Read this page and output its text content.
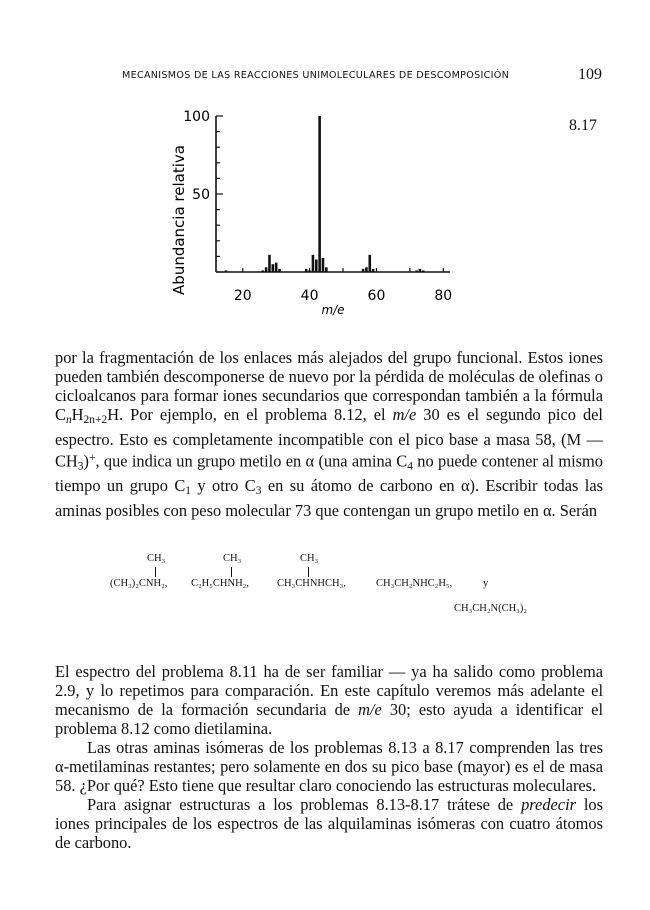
MECANISMOS DE LAS REACCIONES UNIMOLECULARES DE DESCOMPOSICIÓN	109
8.17
Abundancia relativa
m/e
20	40	60	80
50
100

por la fragmentación de los enlaces más alejados del grupo funcional. Estos iones pueden también descomponerse de nuevo por la pérdida de moléculas de olefinas o cicloalcanos para formar iones secundarios que correspondan también a la fórmula $C_nH_{2n+2}H$. Por ejemplo, en el problema 8.12, el m/e 30 es el segundo pico del espectro. Esto es completamente incompatible con el pico base a masa 58, (M — $CH_3)^+$, que indica un grupo metilo en α (una amina $C_4$ no puede contener al mismo tiempo un grupo $C_1$ y otro $C_3$ en su átomo de carbono en α). Escribir todas las aminas posibles con peso molecular 73 que contengan un grupo metilo en α. Serán

CH₃	CH₃	CH₃
(CH₃)₂CNH₂, C₂H₅CHNH₂,	CH₃CHNHCH₃,	CH₃CH₂NHC₂H₅,	y
CH₃CH₂N(CH₃)₂

El espectro del problema 8.11 ha de ser familiar — ya ha salido como problema 2.9, y lo repetimos para comparación. En este capítulo veremos más adelante el mecanismo de la formación secundaria de m/e 30; esto ayuda a identificar el problema 8.12 como dietilamina.

Las otras aminas isómeras de los problemas 8.13 a 8.17 comprenden las tres α-metilaminas restantes; pero solamente en dos su pico base (mayor) es el de masa 58. ¿Por qué? Esto tiene que resultar claro conociendo las estructuras moleculares.

Para asignar estructuras a los problemas 8.13-8.17 trátese de predecir los iones principales de los espectros de las alquilaminas isómeras con cuatro átomos de carbono.
